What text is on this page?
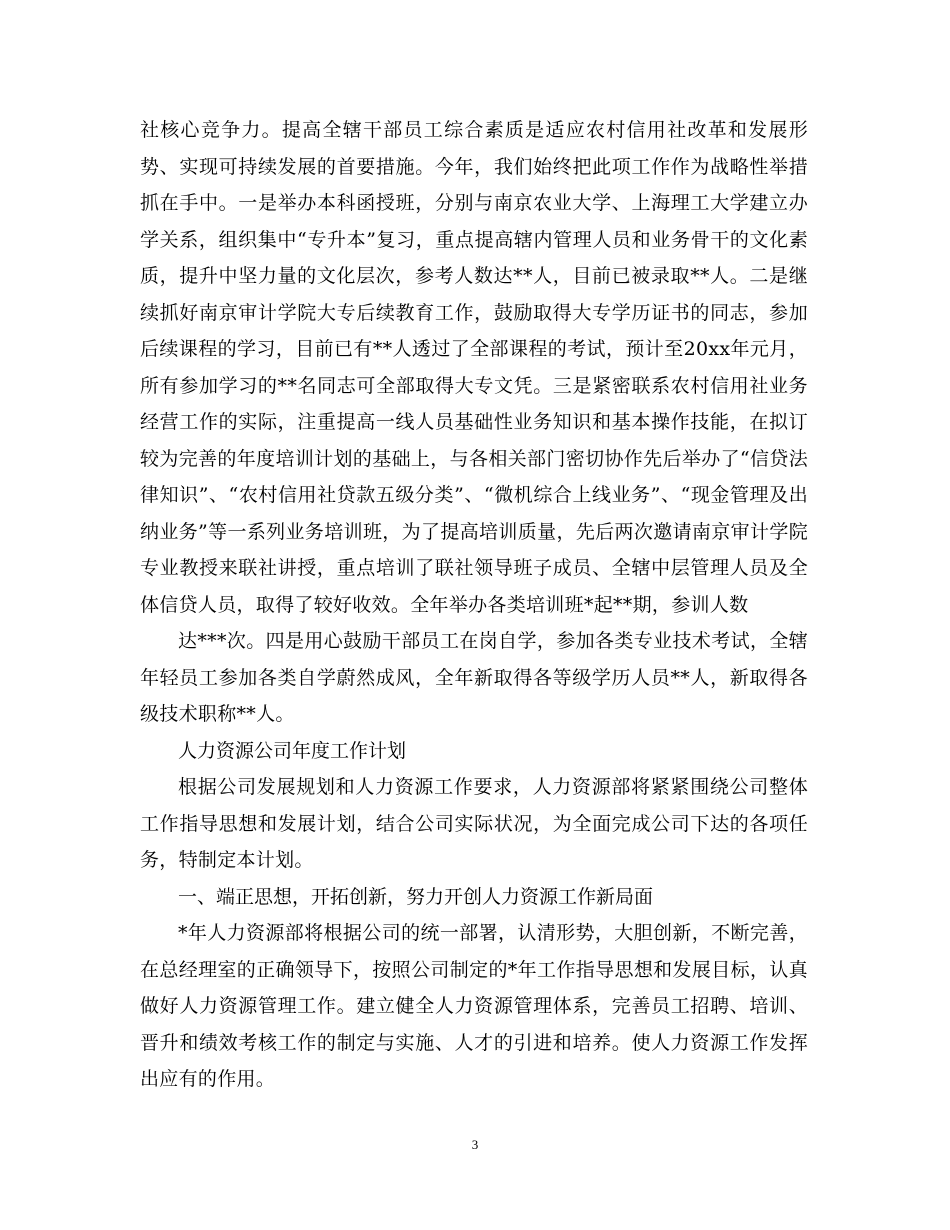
社核心竞争力。提高全辖干部员工综合素质是适应农村信用社改革和发展形势、实现可持续发展的首要措施。今年，我们始终把此项工作作为战略性举措抓在手中。一是举办本科函授班，分别与南京农业大学、上海理工大学建立办学关系，组织集中“专升本”复习，重点提高辖内管理人员和业务骨干的文化素质，提升中坚力量的文化层次，参考人数达**人，目前已被录取**人。二是继续抓好南京审计学院大专后续教育工作，鼓励取得大专学历证书的同志，参加后续课程的学习，目前已有**人透过了全部课程的考试，预计至20xx年元月，所有参加学习的**名同志可全部取得大专文凭。三是紧密联系农村信用社业务经营工作的实际，注重提高一线人员基础性业务知识和基本操作技能，在拟订较为完善的年度培训计划的基础上，与各相关部门密切协作先后举办了“信贷法律知识”、“农村信用社贷款五级分类”、“微机综合上线业务”、“现金管理及出纳业务”等一系列业务培训班，为了提高培训质量，先后两次邀请南京审计学院专业教授来联社讲授，重点培训了联社领导班子成员、全辖中层管理人员及全体信贷人员，取得了较好收效。全年举办各类培训班*起**期，参训人数

达***次。四是用心鼓励干部员工在岗自学，参加各类专业技术考试，全辖年轻员工参加各类自学蔚然成风，全年新取得各等级学历人员**人，新取得各级技术职称**人。

人力资源公司年度工作计划

根据公司发展规划和人力资源工作要求，人力资源部将紧紧围绕公司整体工作指导思想和发展计划，结合公司实际状况，为全面完成公司下达的各项任务，特制定本计划。

一、端正思想，开拓创新，努力开创人力资源工作新局面

*年人力资源部将根据公司的统一部署，认清形势，大胆创新，不断完善，在总经理室的正确领导下，按照公司制定的*年工作指导思想和发展目标，认真做好人力资源管理工作。建立健全人力资源管理体系，完善员工招聘、培训、晋升和绩效考核工作的制定与实施、人才的引进和培养。使人力资源工作发挥出应有的作用。

3
